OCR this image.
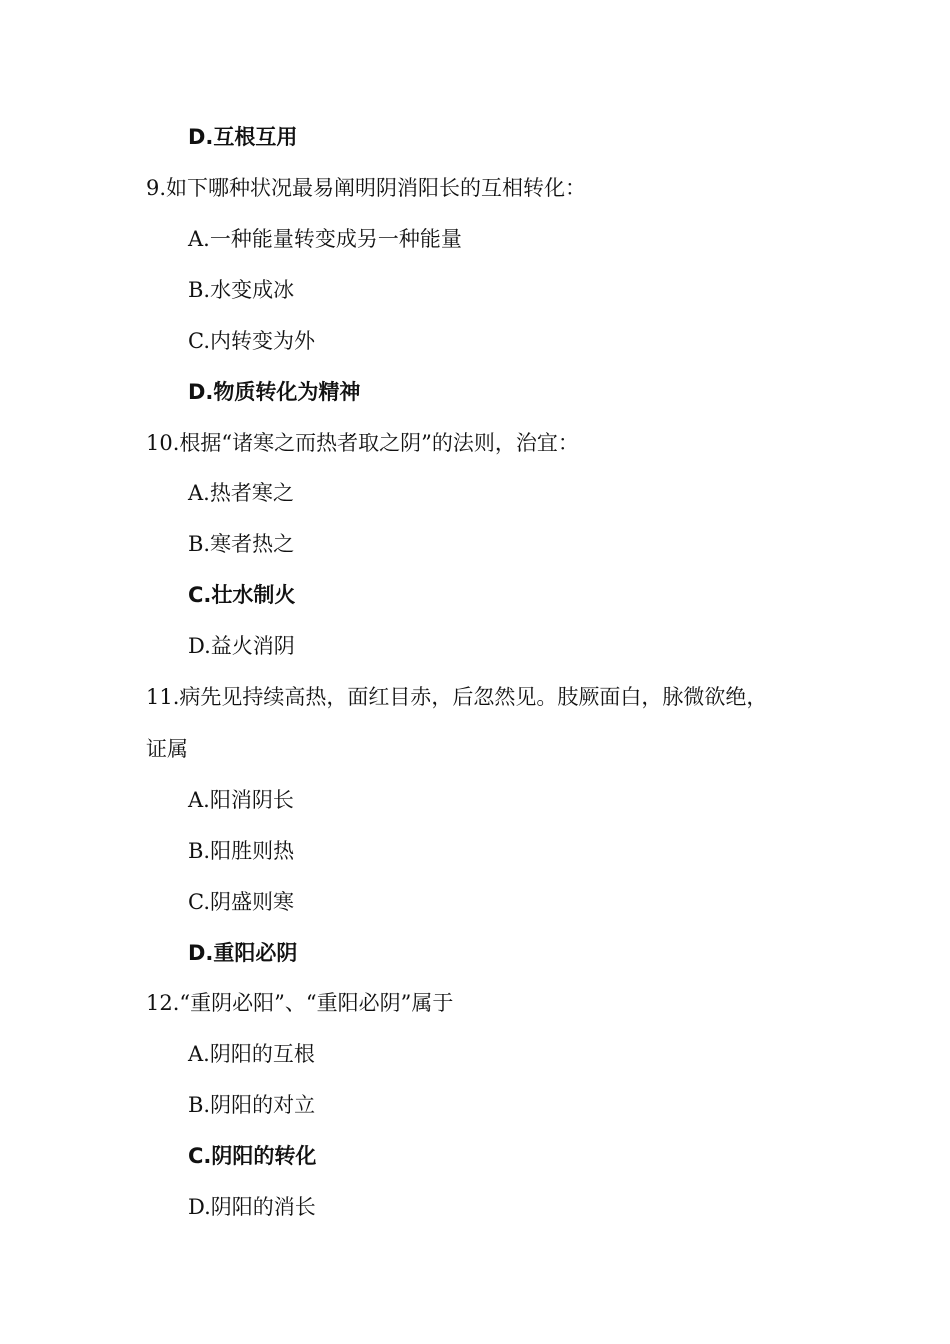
D.互根互用
9.如下哪种状况最易阐明阴消阳长的互相转化：
A.一种能量转变成另一种能量
B.水变成冰
C.内转变为外
D.物质转化为精神
10.根据“诸寒之而热者取之阴”的法则，治宜：
A.热者寒之
B.寒者热之
C.壮水制火
D.益火消阴
11.病先见持续高热，面红目赤，后忽然见。肢厥面白，脉微欲绝，
证属
A.阳消阴长
B.阳胜则热
C.阴盛则寒
D.重阳必阴
12.“重阴必阳”、“重阳必阴”属于
A.阴阳的互根
B.阴阳的对立
C.阴阳的转化
D.阴阳的消长
